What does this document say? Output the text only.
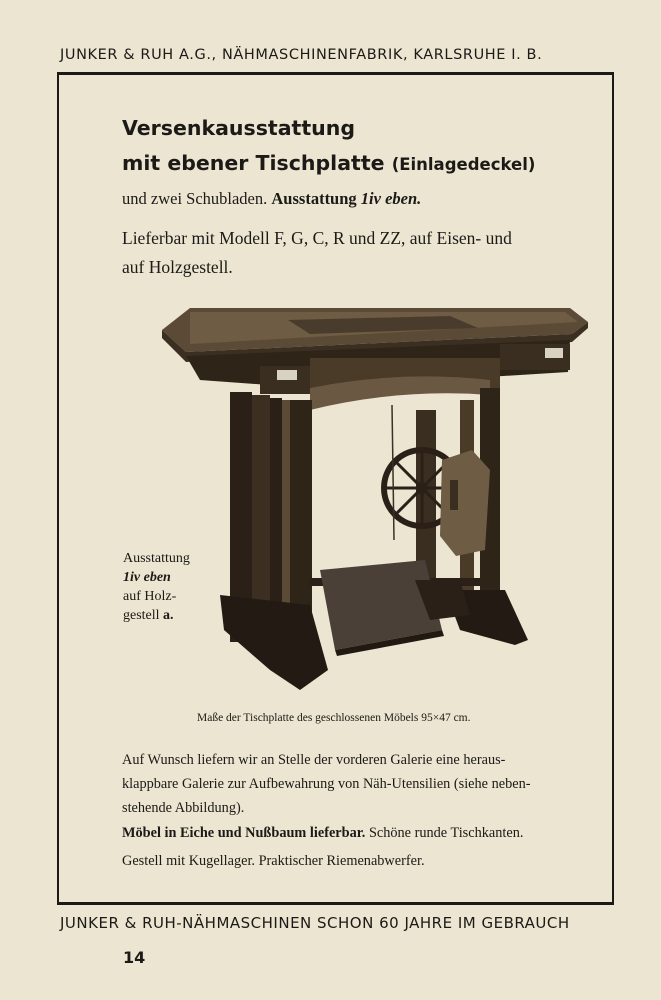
JUNKER & RUH A.G., NÄHMASCHINENFABRIK, KARLSRUHE I. B.
Versenkausstattung
mit ebener Tischplatte (Einlagedeckel)
und zwei Schubladen. Ausstattung 1iv eben.
Lieferbar mit Modell F, G, C, R und ZZ, auf Eisen- und
auf Holzgestell.
Ausstattung
1iv eben
auf Holz-
gestell a.
Maße der Tischplatte des geschlossenen Möbels 95×47 cm.
Auf Wunsch liefern wir an Stelle der vorderen Galerie eine heraus-
klappbare Galerie zur Aufbewahrung von Näh-Utensilien (siehe neben-
stehende Abbildung).
Möbel in Eiche und Nußbaum lieferbar. Schöne runde Tischkanten.
Gestell mit Kugellager. Praktischer Riemenabwerfer.
JUNKER & RUH-NÄHMASCHINEN SCHON 60 JAHRE IM GEBRAUCH
14
